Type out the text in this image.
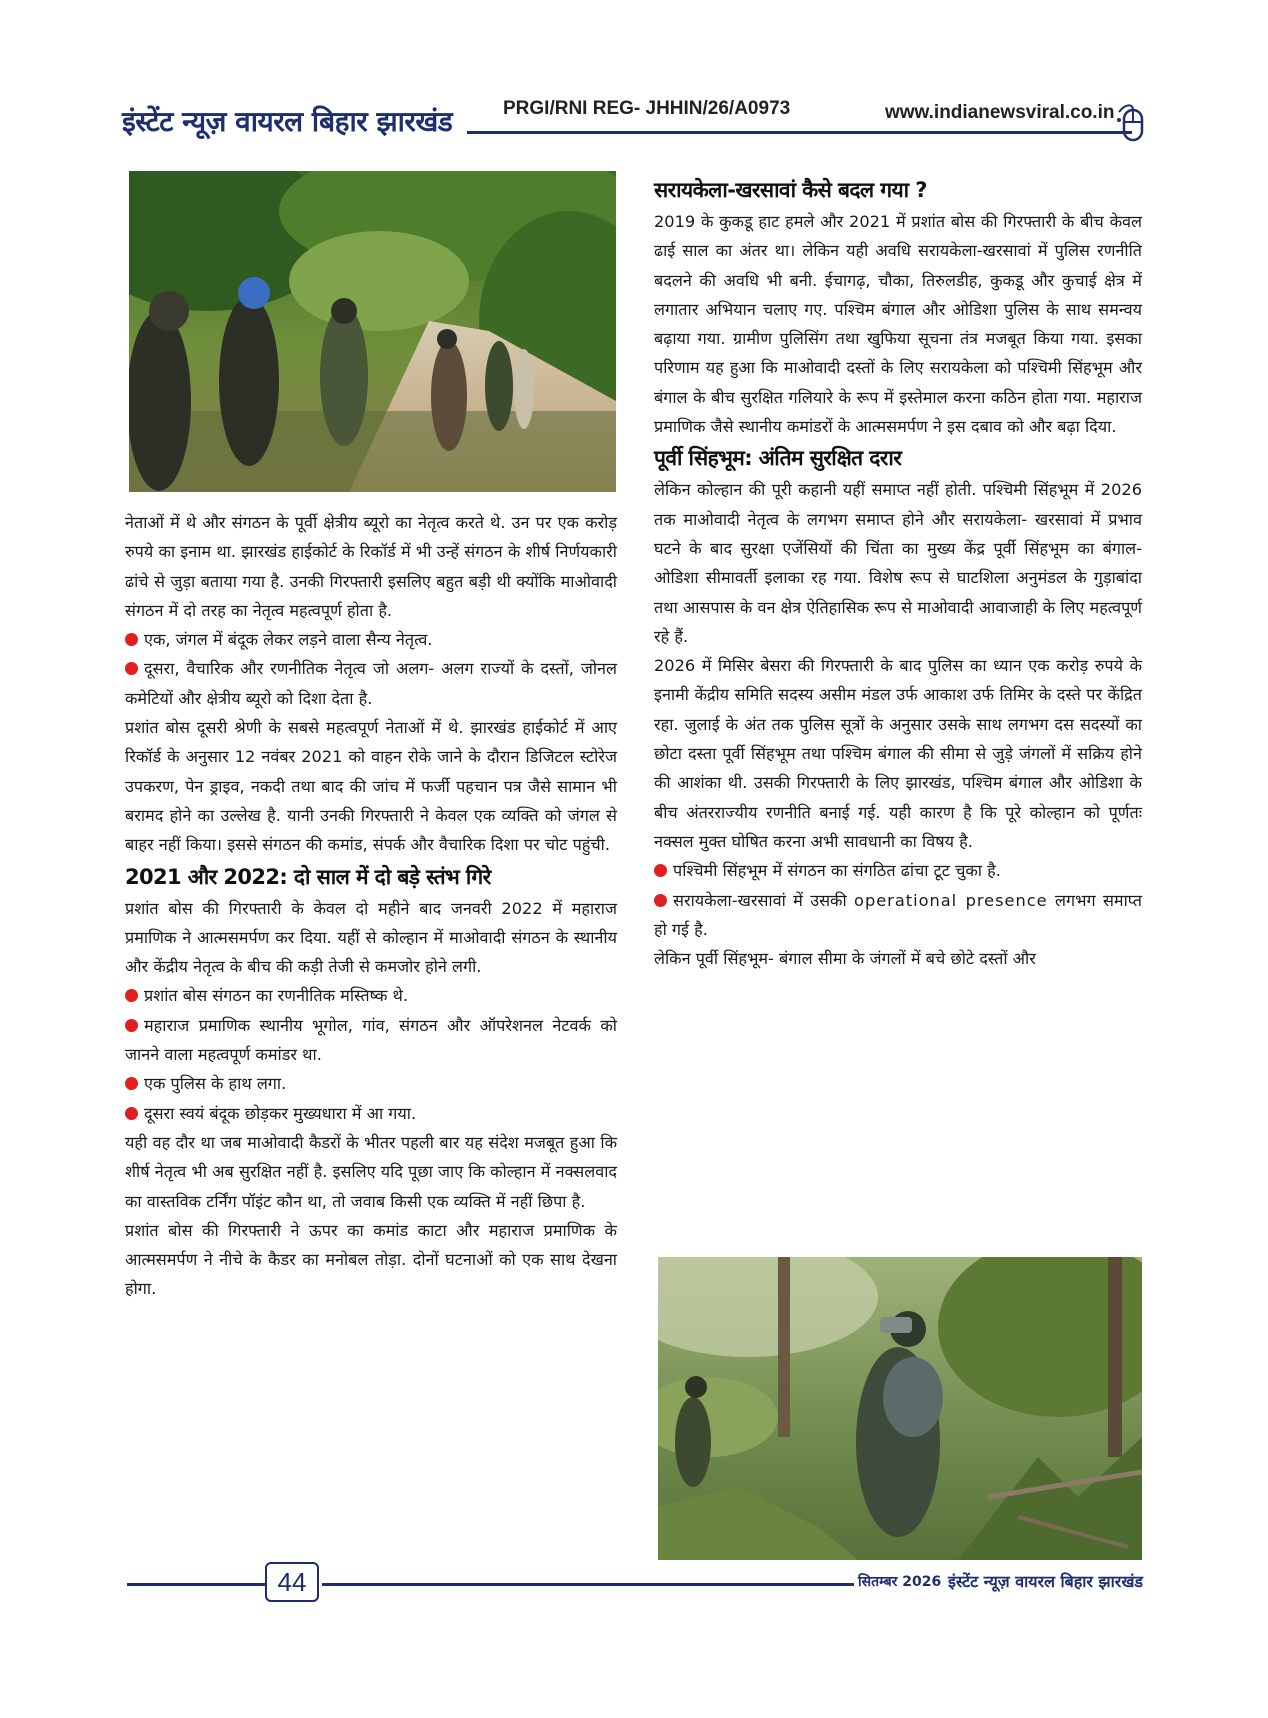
इंस्टेंट न्यूज़ वायरल बिहार झारखंड	PRGI/RNI REG- JHHIN/26/A0973	www.indianewsviral.co.in

नेताओं में थे और संगठन के पूर्वी क्षेत्रीय ब्यूरो का नेतृत्व करते थे. उन पर एक करोड़ रुपये का इनाम था. झारखंड हाईकोर्ट के रिकॉर्ड में भी उन्हें संगठन के शीर्ष निर्णयकारी ढांचे से जुड़ा बताया गया है. उनकी गिरफ्तारी इसलिए बहुत बड़ी थी क्योंकि माओवादी संगठन में दो तरह का नेतृत्व महत्वपूर्ण होता है.

एक, जंगल में बंदूक लेकर लड़ने वाला सैन्य नेतृत्व.
दूसरा, वैचारिक और रणनीतिक नेतृत्व जो अलग- अलग राज्यों के दस्तों, जोनल कमेटियों और क्षेत्रीय ब्यूरो को दिशा देता है.

प्रशांत बोस दूसरी श्रेणी के सबसे महत्वपूर्ण नेताओं में थे. झारखंड हाईकोर्ट में आए रिकॉर्ड के अनुसार 12 नवंबर 2021 को वाहन रोके जाने के दौरान डिजिटल स्टोरेज उपकरण, पेन ड्राइव, नकदी तथा बाद की जांच में फर्जी पहचान पत्र जैसे सामान भी बरामद होने का उल्लेख है. यानी उनकी गिरफ्तारी ने केवल एक व्यक्ति को जंगल से बाहर नहीं किया। इससे संगठन की कमांड, संपर्क और वैचारिक दिशा पर चोट पहुंची.

2021 और 2022: दो साल में दो बड़े स्तंभ गिरे

प्रशांत बोस की गिरफ्तारी के केवल दो महीने बाद जनवरी 2022 में महाराज प्रमाणिक ने आत्मसमर्पण कर दिया. यहीं से कोल्हान में माओवादी संगठन के स्थानीय और केंद्रीय नेतृत्व के बीच की कड़ी तेजी से कमजोर होने लगी.

प्रशांत बोस संगठन का रणनीतिक मस्तिष्क थे.
महाराज प्रमाणिक स्थानीय भूगोल, गांव, संगठन और ऑपरेशनल नेटवर्क को जानने वाला महत्वपूर्ण कमांडर था.
एक पुलिस के हाथ लगा.
दूसरा स्वयं बंदूक छोड़कर मुख्यधारा में आ गया.

यही वह दौर था जब माओवादी कैडरों के भीतर पहली बार यह संदेश मजबूत हुआ कि शीर्ष नेतृत्व भी अब सुरक्षित नहीं है. इसलिए यदि पूछा जाए कि कोल्हान में नक्सलवाद का वास्तविक टर्निंग पॉइंट कौन था, तो जवाब किसी एक व्यक्ति में नहीं छिपा है.

प्रशांत बोस की गिरफ्तारी ने ऊपर का कमांड काटा और महाराज प्रमाणिक के आत्मसमर्पण ने नीचे के कैडर का मनोबल तोड़ा. दोनों घटनाओं को एक साथ देखना होगा.

सरायकेला-खरसावां कैसे बदल गया ?

2019 के कुकडू हाट हमले और 2021 में प्रशांत बोस की गिरफ्तारी के बीच केवल ढाई साल का अंतर था। लेकिन यही अवधि सरायकेला-खरसावां में पुलिस रणनीति बदलने की अवधि भी बनी. ईचागढ़, चौका, तिरुलडीह, कुकडू और कुचाई क्षेत्र में लगातार अभियान चलाए गए. पश्चिम बंगाल और ओडिशा पुलिस के साथ समन्वय बढ़ाया गया. ग्रामीण पुलिसिंग तथा खुफिया सूचना तंत्र मजबूत किया गया. इसका परिणाम यह हुआ कि माओवादी दस्तों के लिए सरायकेला को पश्चिमी सिंहभूम और बंगाल के बीच सुरक्षित गलियारे के रूप में इस्तेमाल करना कठिन होता गया. महाराज प्रमाणिक जैसे स्थानीय कमांडरों के आत्मसमर्पण ने इस दबाव को और बढ़ा दिया.

पूर्वी सिंहभूम: अंतिम सुरक्षित दरार

लेकिन कोल्हान की पूरी कहानी यहीं समाप्त नहीं होती. पश्चिमी सिंहभूम में 2026 तक माओवादी नेतृत्व के लगभग समाप्त होने और सरायकेला- खरसावां में प्रभाव घटने के बाद सुरक्षा एजेंसियों की चिंता का मुख्य केंद्र पूर्वी सिंहभूम का बंगाल- ओडिशा सीमावर्ती इलाका रह गया. विशेष रूप से घाटशिला अनुमंडल के गुड़ाबांदा तथा आसपास के वन क्षेत्र ऐतिहासिक रूप से माओवादी आवाजाही के लिए महत्वपूर्ण रहे हैं.

2026 में मिसिर बेसरा की गिरफ्तारी के बाद पुलिस का ध्यान एक करोड़ रुपये के इनामी केंद्रीय समिति सदस्य असीम मंडल उर्फ आकाश उर्फ तिमिर के दस्ते पर केंद्रित रहा. जुलाई के अंत तक पुलिस सूत्रों के अनुसार उसके साथ लगभग दस सदस्यों का छोटा दस्ता पूर्वी सिंहभूम तथा पश्चिम बंगाल की सीमा से जुड़े जंगलों में सक्रिय होने की आशंका थी. उसकी गिरफ्तारी के लिए झारखंड, पश्चिम बंगाल और ओडिशा के बीच अंतरराज्यीय रणनीति बनाई गई. यही कारण है कि पूरे कोल्हान को पूर्णतः नक्सल मुक्त घोषित करना अभी सावधानी का विषय है.

पश्चिमी सिंहभूम में संगठन का संगठित ढांचा टूट चुका है.
सरायकेला-खरसावां में उसकी operational presence लगभग समाप्त हो गई है.

लेकिन पूर्वी सिंहभूम- बंगाल सीमा के जंगलों में बचे छोटे दस्तों और

44	सितम्बर 2026 इंस्टेंट न्यूज़ वायरल बिहार झारखंड
